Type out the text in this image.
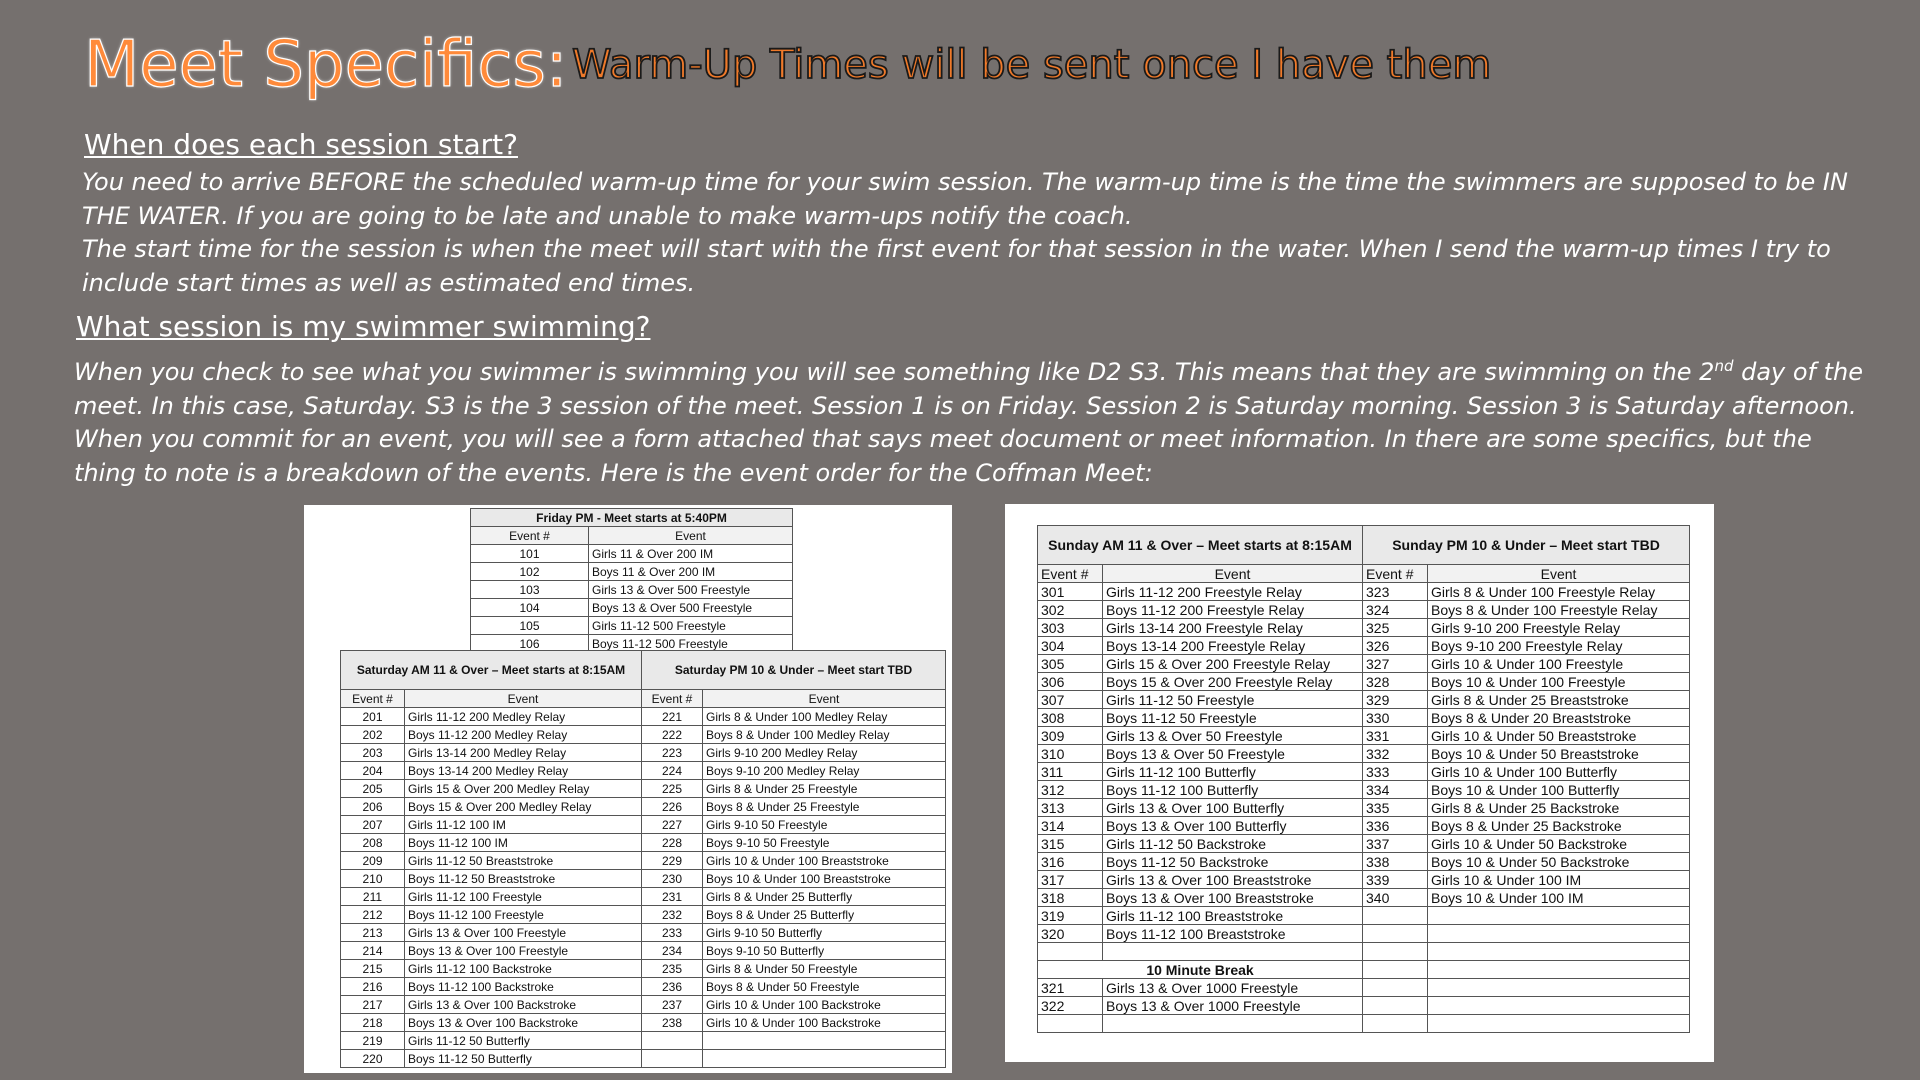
Meet Specifics: Warm-Up Times will be sent once I have them
When does each session start?

You need to arrive BEFORE the scheduled warm-up time for your swim session. The warm-up time is the time the swimmers are supposed to be IN THE WATER. If you are going to be late and unable to make warm-ups notify the coach.

The start time for the session is when the meet will start with the first event for that session in the water. When I send the warm-up times I try to include start times as well as estimated end times.

What session is my swimmer swimming?

When you check to see what you swimmer is swimming you will see something like D2 S3. This means that they are swimming on the 2nd day of the meet. In this case, Saturday. S3 is the 3 session of the meet. Session 1 is on Friday. Session 2 is Saturday morning. Session 3 is Saturday afternoon.

When you commit for an event, you will see a form attached that says meet document or meet information. In there are some specifics, but the thing to note is a breakdown of the events. Here is the event order for the Coffman Meet:

Friday PM - Meet starts at 5:40PM	
Event #	Event
101	Girls 11 & Over 200 IM
102	Boys 11 & Over 200 IM
103	Girls 13 & Over 500 Freestyle
104	Boys 13 & Over 500 Freestyle
105	Girls 11-12 500 Freestyle
106	Boys 11-12 500 Freestyle
Saturday AM 11 & Over – Meet starts at 8:15AM		Saturday PM 10 & Under – Meet start TBD	
Event #	Event	Event #	Event
201	Girls 11-12 200 Medley Relay	221	Girls 8 & Under 100 Medley Relay
202	Boys 11-12 200 Medley Relay	222	Boys 8 & Under 100 Medley Relay
203	Girls 13-14 200 Medley Relay	223	Girls 9-10 200 Medley Relay
204	Boys 13-14 200 Medley Relay	224	Boys 9-10 200 Medley Relay
205	Girls 15 & Over 200 Medley Relay	225	Girls 8 & Under 25 Freestyle
206	Boys 15 & Over 200 Medley Relay	226	Boys 8 & Under 25 Freestyle
207	Girls 11-12 100 IM	227	Girls 9-10 50 Freestyle
208	Boys 11-12 100 IM	228	Boys 9-10 50 Freestyle
209	Girls 11-12 50 Breaststroke	229	Girls 10 & Under 100 Breaststroke
210	Boys 11-12 50 Breaststroke	230	Boys 10 & Under 100 Breaststroke
211	Girls 11-12 100 Freestyle	231	Girls 8 & Under 25 Butterfly
212	Boys 11-12 100 Freestyle	232	Boys 8 & Under 25 Butterfly
213	Girls 13 & Over 100 Freestyle	233	Girls 9-10 50 Butterfly
214	Boys 13 & Over 100 Freestyle	234	Boys 9-10 50 Butterfly
215	Girls 11-12 100 Backstroke	235	Girls 8 & Under 50 Freestyle
216	Boys 11-12 100 Backstroke	236	Boys 8 & Under 50 Freestyle
217	Girls 13 & Over 100 Backstroke	237	Girls 10 & Under 100 Backstroke
218	Boys 13 & Over 100 Backstroke	238	Girls 10 & Under 100 Backstroke
219	Girls 11-12 50 Butterfly		
220	Boys 11-12 50 Butterfly		
Sunday AM 11 & Over – Meet starts at 8:15AM		Sunday PM 10 & Under – Meet start TBD	
Event #	Event	Event #	Event
301	Girls 11-12 200 Freestyle Relay	323	Girls 8 & Under 100 Freestyle Relay
302	Boys 11-12 200 Freestyle Relay	324	Boys 8 & Under 100 Freestyle Relay
303	Girls 13-14 200 Freestyle Relay	325	Girls 9-10 200 Freestyle Relay
304	Boys 13-14 200 Freestyle Relay	326	Boys 9-10 200 Freestyle Relay
305	Girls 15 & Over 200 Freestyle Relay	327	Girls 10 & Under 100 Freestyle
306	Boys 15 & Over 200 Freestyle Relay	328	Boys 10 & Under 100 Freestyle
307	Girls 11-12 50 Freestyle	329	Girls 8 & Under 25 Breaststroke
308	Boys 11-12 50 Freestyle	330	Boys 8 & Under 20 Breaststroke
309	Girls 13 & Over 50 Freestyle	331	Girls 10 & Under 50 Breaststroke
310	Boys 13 & Over 50 Freestyle	332	Boys 10 & Under 50 Breaststroke
311	Girls 11-12 100 Butterfly	333	Girls 10 & Under 100 Butterfly
312	Boys 11-12 100 Butterfly	334	Boys 10 & Under 100 Butterfly
313	Girls 13 & Over 100 Butterfly	335	Girls 8 & Under 25 Backstroke
314	Boys 13 & Over 100 Butterfly	336	Boys 8 & Under 25 Backstroke
315	Girls 11-12 50 Backstroke	337	Girls 10 & Under 50 Backstroke
316	Boys 11-12 50 Backstroke	338	Boys 10 & Under 50 Backstroke
317	Girls 13 & Over 100 Breaststroke	339	Girls 10 & Under 100 IM
318	Boys 13 & Over 100 Breaststroke	340	Boys 10 & Under 100 IM
319	Girls 11-12 100 Breaststroke		
320	Boys 11-12 100 Breaststroke		

10 Minute Break			
321	Girls 13 & Over 1000 Freestyle		
322	Boys 13 & Over 1000 Freestyle		
